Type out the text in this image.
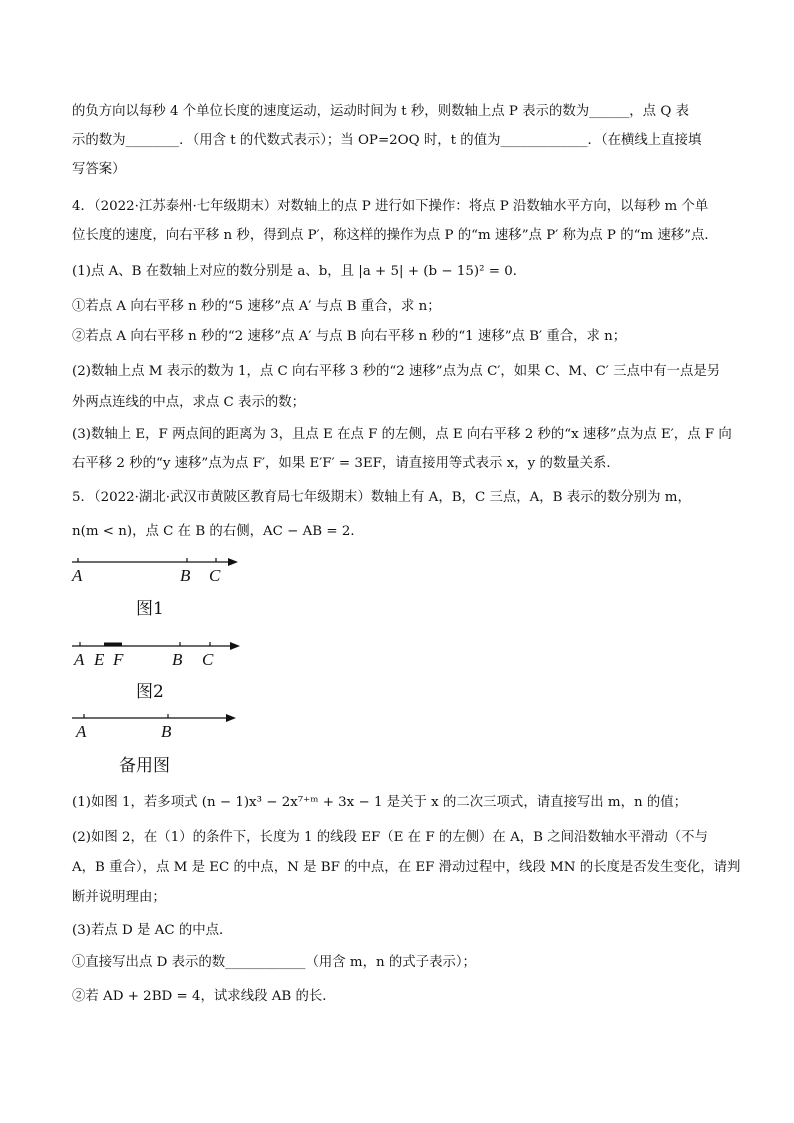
的负方向以每秒 4 个单位长度的速度运动，运动时间为 t 秒，则数轴上点 P 表示的数为______，点 Q 表
示的数为________．（用含 t 的代数式表示）；当 OP=2OQ 时，t 的值为_____________．（在横线上直接填
写答案）
4．（2022·江苏泰州·七年级期末）对数轴上的点 P 进行如下操作：将点 P 沿数轴水平方向，以每秒 m 个单
位长度的速度，向右平移 n 秒，得到点 P′，称这样的操作为点 P 的“m 速移”点 P′ 称为点 P 的“m 速移”点．
(1)点 A、B 在数轴上对应的数分别是 a、b，且 |a + 5| + (b − 15)² = 0．
①若点 A 向右平移 n 秒的“5 速移”点 A′ 与点 B 重合，求 n；
②若点 A 向右平移 n 秒的“2 速移”点 A′ 与点 B 向右平移 n 秒的“1 速移”点 B′ 重合，求 n；
(2)数轴上点 M 表示的数为 1，点 C 向右平移 3 秒的“2 速移”点为点 C′，如果 C、M、C′ 三点中有一点是另
外两点连线的中点，求点 C 表示的数；
(3)数轴上 E，F 两点间的距离为 3，且点 E 在点 F 的左侧，点 E 向右平移 2 秒的“x 速移”点为点 E′，点 F 向
右平移 2 秒的“y 速移”点为点 F′，如果 E′F′ = 3EF，请直接用等式表示 x，y 的数量关系．
5．（2022·湖北·武汉市黄陂区教育局七年级期末）数轴上有 A，B，C 三点，A，B 表示的数分别为 m，
n(m < n)，点 C 在 B 的右侧，AC − AB = 2．
A	B C
图1
A E F	B C
图2
A	B
备用图
(1)如图 1，若多项式 (n − 1)x³ − 2x⁷⁺ᵐ + 3x − 1 是关于 x 的二次三项式，请直接写出 m，n 的值；
(2)如图 2，在（1）的条件下，长度为 1 的线段 EF（E 在 F 的左侧）在 A，B 之间沿数轴水平滑动（不与
A，B 重合），点 M 是 EC 的中点，N 是 BF 的中点，在 EF 滑动过程中，线段 MN 的长度是否发生变化，请判
断并说明理由；
(3)若点 D 是 AC 的中点．
①直接写出点 D 表示的数____________（用含 m，n 的式子表示）；
②若 AD + 2BD = 4，试求线段 AB 的长．
